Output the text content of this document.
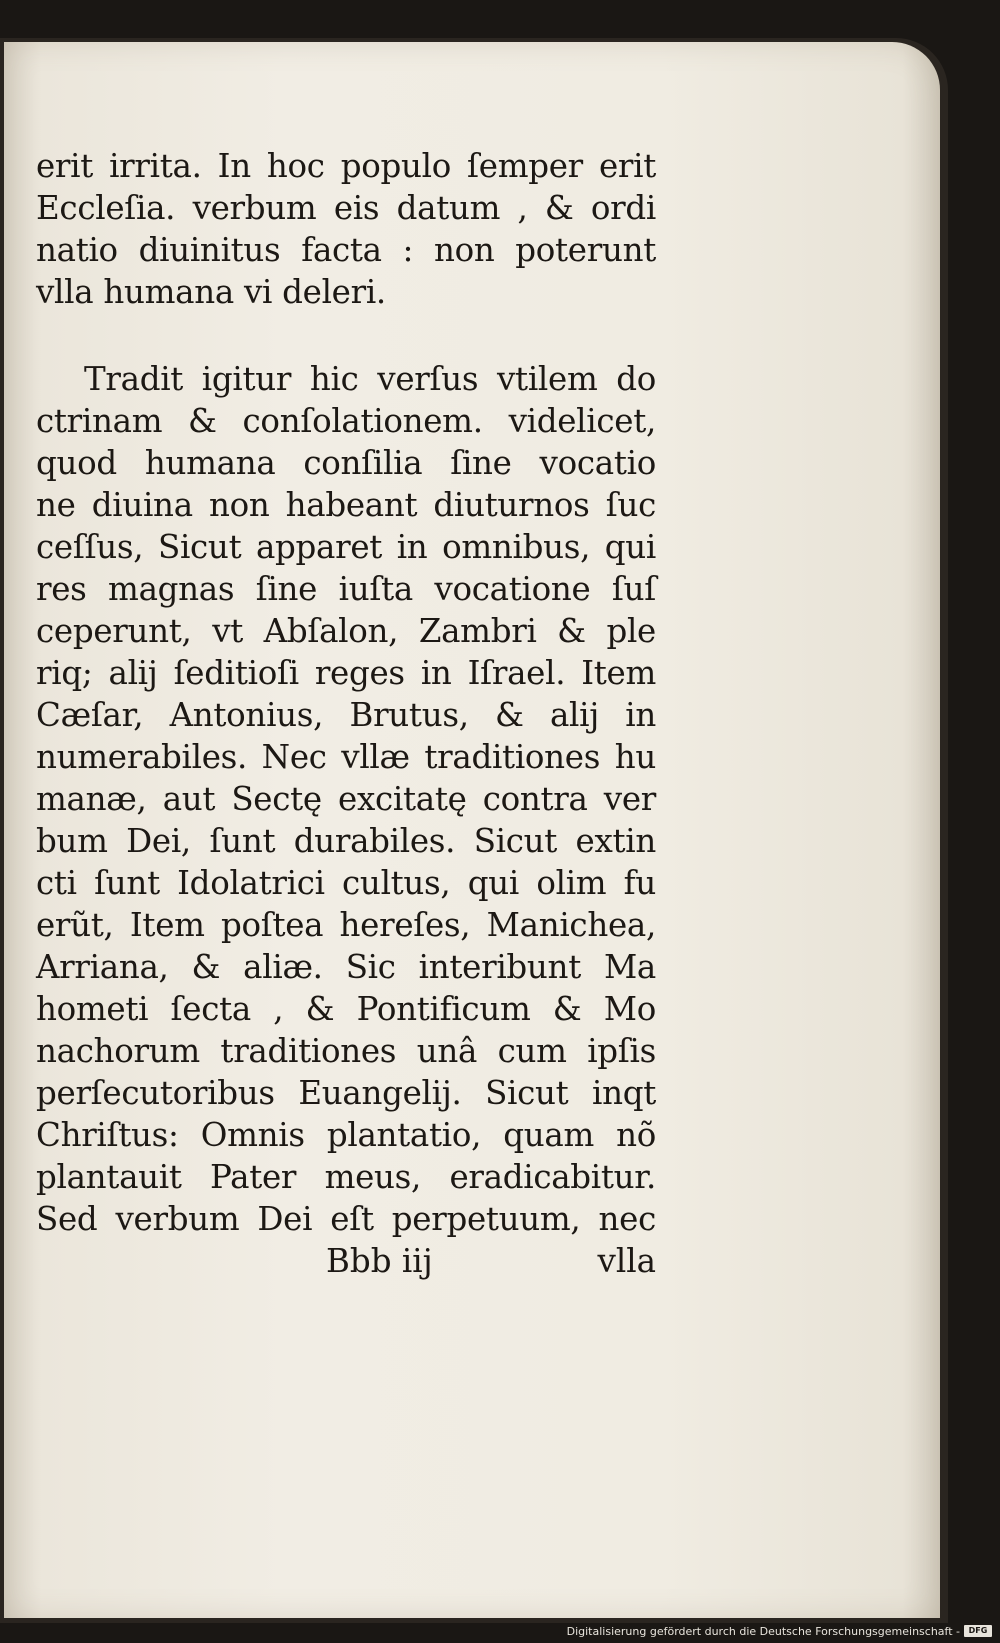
erit irrita. In hoc populo ſemper erit
Eccleſia. verbum eis datum , & ordi
natio diuinitus facta : non poterunt
vlla humana vi deleri.
Tradit igitur hic verſus vtilem do
ctrinam & conſolationem. videlicet,
quod humana conſilia ſine vocatio
ne diuina non habeant diuturnos ſuc
ceſſus, Sicut apparet in omnibus, qui
res magnas ſine iuſta vocatione ſuſ
ceperunt, vt Abſalon, Zambri & ple
riq; alij ſeditioſi reges in Iſrael. Item
Cæſar, Antonius, Brutus, & alij in
numerabiles. Nec vllæ traditiones hu
manæ, aut Sectę excitatę contra ver
bum Dei, ſunt durabiles. Sicut extin
cti ſunt Idolatrici cultus, qui olim fu
erũt, Item poſtea hereſes, Manichea,
Arriana, & aliæ. Sic interibunt Ma
hometi ſecta , & Pontificum & Mo
nachorum traditiones unâ cum ipſis
perſecutoribus Euangelij. Sicut inqt
Chriſtus: Omnis plantatio, quam nõ
plantauit Pater meus, eradicabitur.
Sed verbum Dei eſt perpetuum, nec
Bbb iij	vlla
Digitalisierung gefördert durch die Deutsche Forschungsgemeinschaft -	DFG
